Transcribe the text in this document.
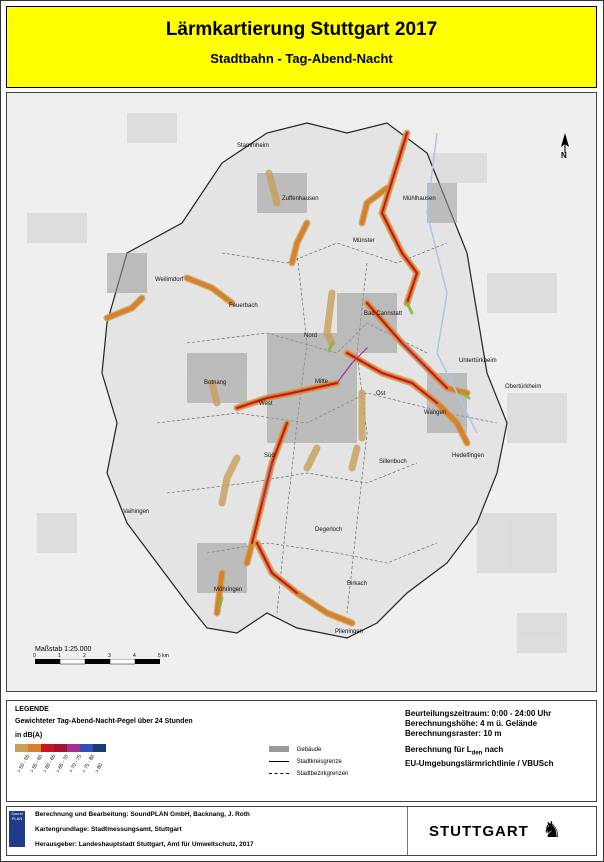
Lärmkartierung Stuttgart 2017
Stadtbahn - Tag-Abend-Nacht
Stammheim
Zuffenhausen	Mühlhausen
Münster
Weilimdorf
Feuerbach
Bad Cannstatt
Nord
Untertürkheim
Obertürkheim
Botnang	Mitte
West
Ost
Wangen
Hedelfingen
Süd
Sillenbuch
Degerloch
Vaihingen
Möhringen
Birkach
Plieningen
N
Maßstab 1:25.000
0	1	2	3	4	5 km
LEGENDE
Gewichteter Tag-Abend-Nacht-Pegel über 24 Stunden
in dB(A)
> 50 - 55
> 55 - 60
> 60 - 65
> 65 - 70
> 70 - 75
> 75 - 80
> 80
Gebäude
Stadtkreisgrenze
Stadtbezirkgrenzen
Beurteilungszeitraum: 0:00 - 24:00 Uhr
Berechnungshöhe: 4 m ü. Gelände
Berechnungsraster: 10 m
Berechnung für $L_{den}$ nach
EU-Umgebungslärmrichtlinie / VBUSch
Sound PLAN
Berechnung und Bearbeitung: SoundPLAN GmbH, Backnang, J. Roth
Kartengrundlage: Stadtmessungsamt, Stuttgart
Herausgeber: Landeshauptstadt Stuttgart, Amt für Umweltschutz, 2017
STUTTGART ♞
